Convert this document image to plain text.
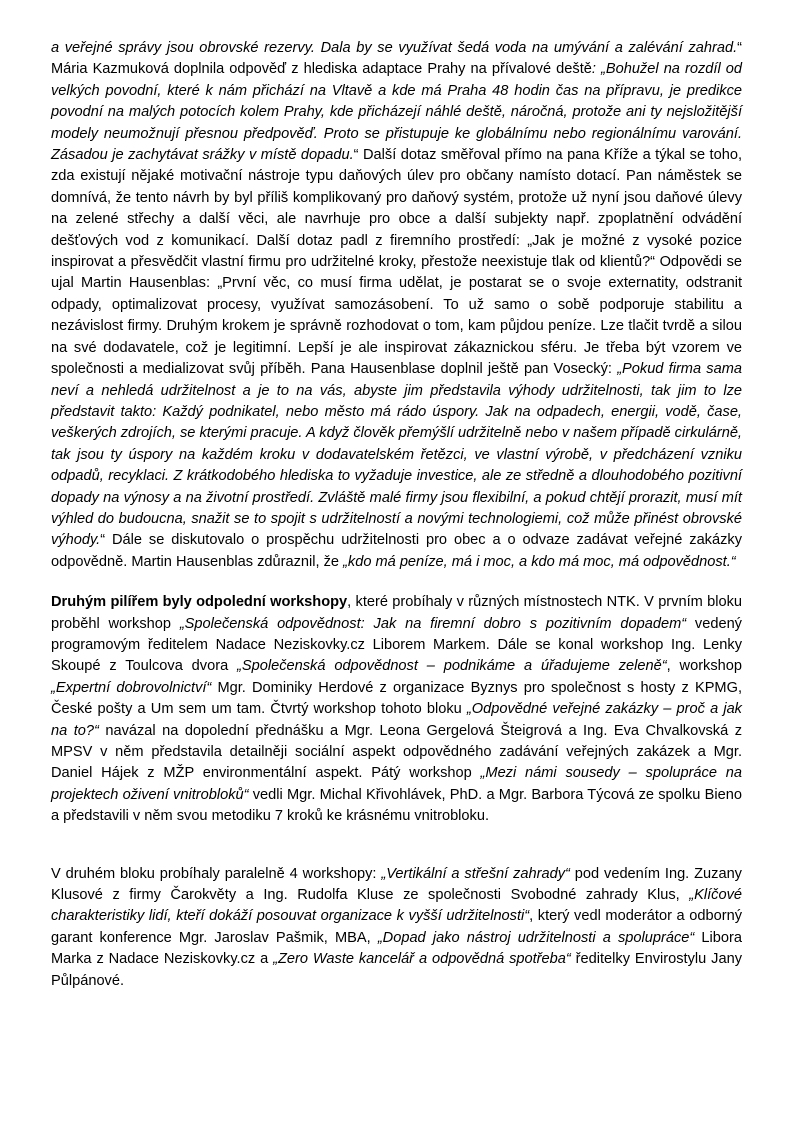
a veřejné správy jsou obrovské rezervy. Dala by se využívat šedá voda na umývání a zalévání zahrad.“ Mária Kazmuková doplnila odpověď z hlediska adaptace Prahy na přívalové deště: „Bohužel na rozdíl od velkých povodní, které k nám přichází na Vltavě a kde má Praha 48 hodin čas na přípravu, je predikce povodní na malých potocích kolem Prahy, kde přicházejí náhlé deště, náročná, protože ani ty nejsložitější modely neumožnují přesnou předpověď. Proto se přistupuje ke globálnímu nebo regionálnímu varování. Zásadou je zachytávat srážky v místě dopadu.“ Další dotaz směřoval přímo na pana Kříže a týkal se toho, zda existují nějaké motivační nástroje typu daňových úlev pro občany namísto dotací. Pan náměstek se domnívá, že tento návrh by byl příliš komplikovaný pro daňový systém, protože už nyní jsou daňové úlevy na zelené střechy a další věci, ale navrhuje pro obce a další subjekty např. zpoplatnění odvádění dešťových vod z komunikací. Další dotaz padl z firemního prostředí: „Jak je možné z vysoké pozice inspirovat a přesvědčit vlastní firmu pro udržitelné kroky, přestože neexistuje tlak od klientů?“ Odpovědi se ujal Martin Hausenblas: „První věc, co musí firma udělat, je postarat se o svoje externatity, odstranit odpady, optimalizovat procesy, využívat samozásobení. To už samo o sobě podporuje stabilitu a nezávislost firmy. Druhým krokem je správně rozhodovat o tom, kam půjdou peníze. Lze tlačit tvrdě a silou na své dodavatele, což je legitimní. Lepší je ale inspirovat zákaznickou sféru. Je třeba být vzorem ve společnosti a medializovat svůj příběh. Pana Hausenblase doplnil ještě pan Vosecký: „Pokud firma sama neví a nehledá udržitelnost a je to na vás, abyste jim představila výhody udržitelnosti, tak jim to lze představit takto: Každý podnikatel, nebo město má rádo úspory. Jak na odpadech, energii, vodě, čase, veškerých zdrojích, se kterými pracuje. A když člověk přemýšlí udržitelně nebo v našem případě cirkulárně, tak jsou ty úspory na každém kroku v dodavatelském řetězci, ve vlastní výrobě, v předcházení vzniku odpadů, recyklaci. Z krátkodobého hlediska to vyžaduje investice, ale ze středně a dlouhodobého pozitivní dopady na výnosy a na životní prostředí. Zvláště malé firmy jsou flexibilní, a pokud chtějí prorazit, musí mít výhled do budoucna, snažit se to spojit s udržitelností a novými technologiemi, což může přinést obrovské výhody.“ Dále se diskutovalo o prospěchu udržitelnosti pro obec a o odvaze zadávat veřejné zakázky odpovědně. Martin Hausenblas zdůraznil, že „kdo má peníze, má i moc, a kdo má moc, má odpovědnost.“

Druhým pilířem byly odpolední workshopy, které probíhaly v různých místnostech NTK. V prvním bloku proběhl workshop „Společenská odpovědnost: Jak na firemní dobro s pozitivním dopadem“ vedený programovým ředitelem Nadace Neziskovky.cz Liborem Markem. Dále se konal workshop Ing. Lenky Skoupé z Toulcova dvora „Společenská odpovědnost – podnikáme a úřadujeme zeleně“, workshop „Expertní dobrovolnictví“ Mgr. Dominiky Herdové z organizace Byznys pro společnost s hosty z KPMG, České pošty a Um sem um tam. Čtvrtý workshop tohoto bloku „Odpovědné veřejné zakázky – proč a jak na to?“ navázal na dopolední přednášku a Mgr. Leona Gergelová Šteigrová a Ing. Eva Chvalkovská z MPSV v něm představila detailněji sociální aspekt odpovědného zadávání veřejných zakázek a Mgr. Daniel Hájek z MŽP environmentální aspekt. Pátý workshop „Mezi námi sousedy – spolupráce na projektech oživení vnitrobloků“ vedli Mgr. Michal Křivohlávek, PhD. a Mgr. Barbora Týcová ze spolku Bieno a představili v něm svou metodiku 7 kroků ke krásnému vnitrobloku.

V druhém bloku probíhaly paralelně 4 workshopy: „Vertikální a střešní zahrady“ pod vedením Ing. Zuzany Klusové z firmy Čarokvěty a Ing. Rudolfa Kluse ze společnosti Svobodné zahrady Klus, „Klíčové charakteristiky lidí, kteří dokáží posouvat organizace k vyšší udržitelnosti“, který vedl moderátor a odborný garant konference Mgr. Jaroslav Pašmik, MBA, „Dopad jako nástroj udržitelnosti a spolupráce“ Libora Marka z Nadace Neziskovky.cz a „Zero Waste kancelář a odpovědná spotřeba“ ředitelky Envirostylu Jany Půlpánové.
